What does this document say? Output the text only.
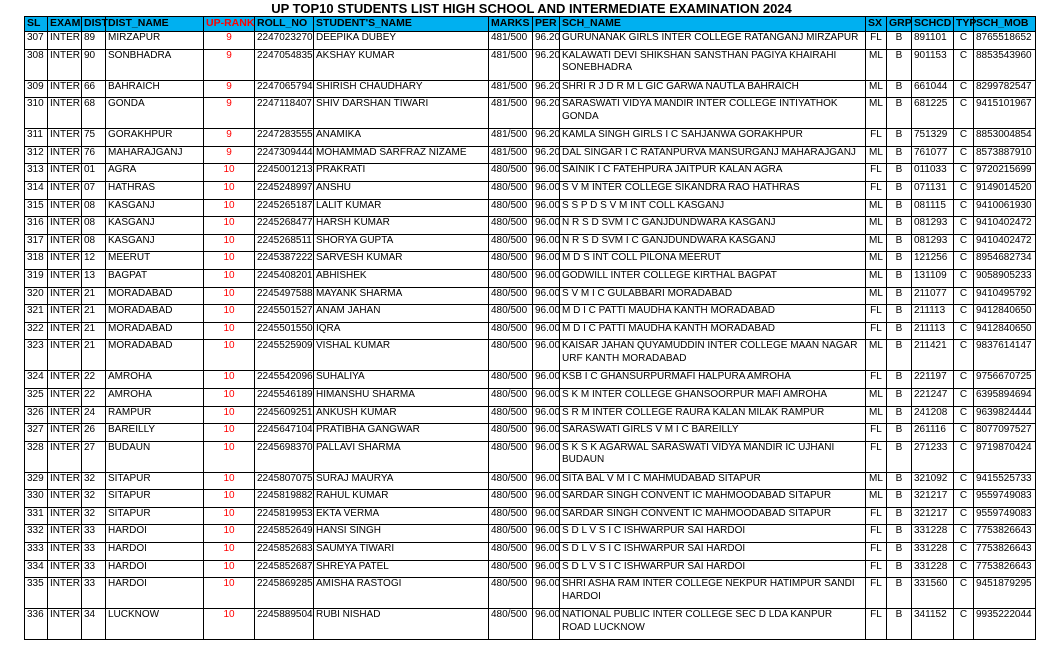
UP TOP10 STUDENTS LIST HIGH SCHOOL AND INTERMEDIATE EXAMINATION 2024
SL	EXAM	DIST	DIST_NAME	UP-RANK	ROLL_NO	STUDENT'S_NAME	MARKS	PER	SCH_NAME	SX	GRP	SCHCD	TYP	SCH_MOB
307	INTER	89	MIRZAPUR	9	2247023270	DEEPIKA DUBEY	481/500	96.20	GURUNANAK GIRLS INTER COLLEGE RATANGANJ MIRZAPUR	FL	B	891101	C	8765518652
308	INTER	90	SONBHADRA	9	2247054835	AKSHAY KUMAR	481/500	96.20	KALAWATI DEVI SHIKSHAN SANSTHAN PAGIYA KHAIRAHI SONEBHADRA	ML	B	901153	C	8853543960
309	INTER	66	BAHRAICH	9	2247065794	SHIRISH CHAUDHARY	481/500	96.20	SHRI R J D R M L GIC GARWA NAUTLA BAHRAICH	ML	B	661044	C	8299782547
310	INTER	68	GONDA	9	2247118407	SHIV DARSHAN TIWARI	481/500	96.20	SARASWATI VIDYA MANDIR INTER COLLEGE INTIYATHOK GONDA	ML	B	681225	C	9415101967
311	INTER	75	GORAKHPUR	9	2247283555	ANAMIKA	481/500	96.20	KAMLA SINGH GIRLS I C SAHJANWA GORAKHPUR	FL	B	751329	C	8853004854
312	INTER	76	MAHARAJGANJ	9	2247309444	MOHAMMAD SARFRAZ NIZAME	481/500	96.20	DAL SINGAR I C RATANPURVA MANSURGANJ MAHARAJGANJ	ML	B	761077	C	8573887910
313	INTER	01	AGRA	10	2245001213	PRAKRATI	480/500	96.00	SAINIK I C FATEHPURA JAITPUR KALAN AGRA	FL	B	011033	C	9720215699
314	INTER	07	HATHRAS	10	2245248997	ANSHU	480/500	96.00	S V M INTER COLLEGE SIKANDRA RAO HATHRAS	FL	B	071131	C	9149014520
315	INTER	08	KASGANJ	10	2245265187	LALIT KUMAR	480/500	96.00	S S P D S V M INT COLL KASGANJ	ML	B	081115	C	9410061930
316	INTER	08	KASGANJ	10	2245268477	HARSH KUMAR	480/500	96.00	N R S D SVM I C GANJDUNDWARA KASGANJ	ML	B	081293	C	9410402472
317	INTER	08	KASGANJ	10	2245268511	SHORYA GUPTA	480/500	96.00	N R S D SVM I C GANJDUNDWARA KASGANJ	ML	B	081293	C	9410402472
318	INTER	12	MEERUT	10	2245387222	SARVESH KUMAR	480/500	96.00	M D S INT COLL PILONA MEERUT	ML	B	121256	C	8954682734
319	INTER	13	BAGPAT	10	2245408201	ABHISHEK	480/500	96.00	GODWILL INTER COLLEGE KIRTHAL BAGPAT	ML	B	131109	C	9058905233
320	INTER	21	MORADABAD	10	2245497588	MAYANK SHARMA	480/500	96.00	S V M I C GULABBARI MORADABAD	ML	B	211077	C	9410495792
321	INTER	21	MORADABAD	10	2245501527	ANAM JAHAN	480/500	96.00	M D I C PATTI MAUDHA KANTH MORADABAD	FL	B	211113	C	9412840650
322	INTER	21	MORADABAD	10	2245501550	IQRA	480/500	96.00	M D I C PATTI MAUDHA KANTH MORADABAD	FL	B	211113	C	9412840650
323	INTER	21	MORADABAD	10	2245525909	VISHAL KUMAR	480/500	96.00	KAISAR JAHAN QUYAMUDDIN INTER COLLEGE MAAN NAGAR URF KANTH MORADABAD	ML	B	211421	C	9837614147
324	INTER	22	AMROHA	10	2245542096	SUHALIYA	480/500	96.00	KSB I C GHANSURPURMAFI HALPURA AMROHA	FL	B	221197	C	9756670725
325	INTER	22	AMROHA	10	2245546189	HIMANSHU SHARMA	480/500	96.00	S K M INTER COLLEGE GHANSOORPUR MAFI AMROHA	ML	B	221247	C	6395894694
326	INTER	24	RAMPUR	10	2245609251	ANKUSH KUMAR	480/500	96.00	S R M INTER COLLEGE RAURA KALAN MILAK RAMPUR	ML	B	241208	C	9639824444
327	INTER	26	BAREILLY	10	2245647104	PRATIBHA GANGWAR	480/500	96.00	SARASWATI GIRLS V M I C BAREILLY	FL	B	261116	C	8077097527
328	INTER	27	BUDAUN	10	2245698370	PALLAVI SHARMA	480/500	96.00	S K S K AGARWAL SARASWATI VIDYA MANDIR IC UJHANI BUDAUN	FL	B	271233	C	9719870424
329	INTER	32	SITAPUR	10	2245807075	SURAJ MAURYA	480/500	96.00	SITA BAL V M I C MAHMUDABAD SITAPUR	ML	B	321092	C	9415525733
330	INTER	32	SITAPUR	10	2245819882	RAHUL KUMAR	480/500	96.00	SARDAR SINGH CONVENT IC MAHMOODABAD SITAPUR	ML	B	321217	C	9559749083
331	INTER	32	SITAPUR	10	2245819953	EKTA VERMA	480/500	96.00	SARDAR SINGH CONVENT IC MAHMOODABAD SITAPUR	FL	B	321217	C	9559749083
332	INTER	33	HARDOI	10	2245852649	HANSI SINGH	480/500	96.00	S D L V S I C ISHWARPUR SAI HARDOI	FL	B	331228	C	7753826643
333	INTER	33	HARDOI	10	2245852683	SAUMYA TIWARI	480/500	96.00	S D L V S I C ISHWARPUR SAI HARDOI	FL	B	331228	C	7753826643
334	INTER	33	HARDOI	10	2245852687	SHREYA PATEL	480/500	96.00	S D L V S I C ISHWARPUR SAI HARDOI	FL	B	331228	C	7753826643
335	INTER	33	HARDOI	10	2245869285	AMISHA RASTOGI	480/500	96.00	SHRI ASHA RAM INTER COLLEGE NEKPUR HATIMPUR SANDI HARDOI	FL	B	331560	C	9451879295
336	INTER	34	LUCKNOW	10	2245889504	RUBI NISHAD	480/500	96.00	NATIONAL PUBLIC INTER COLLEGE SEC D LDA KANPUR ROAD LUCKNOW	FL	B	341152	C	9935222044
